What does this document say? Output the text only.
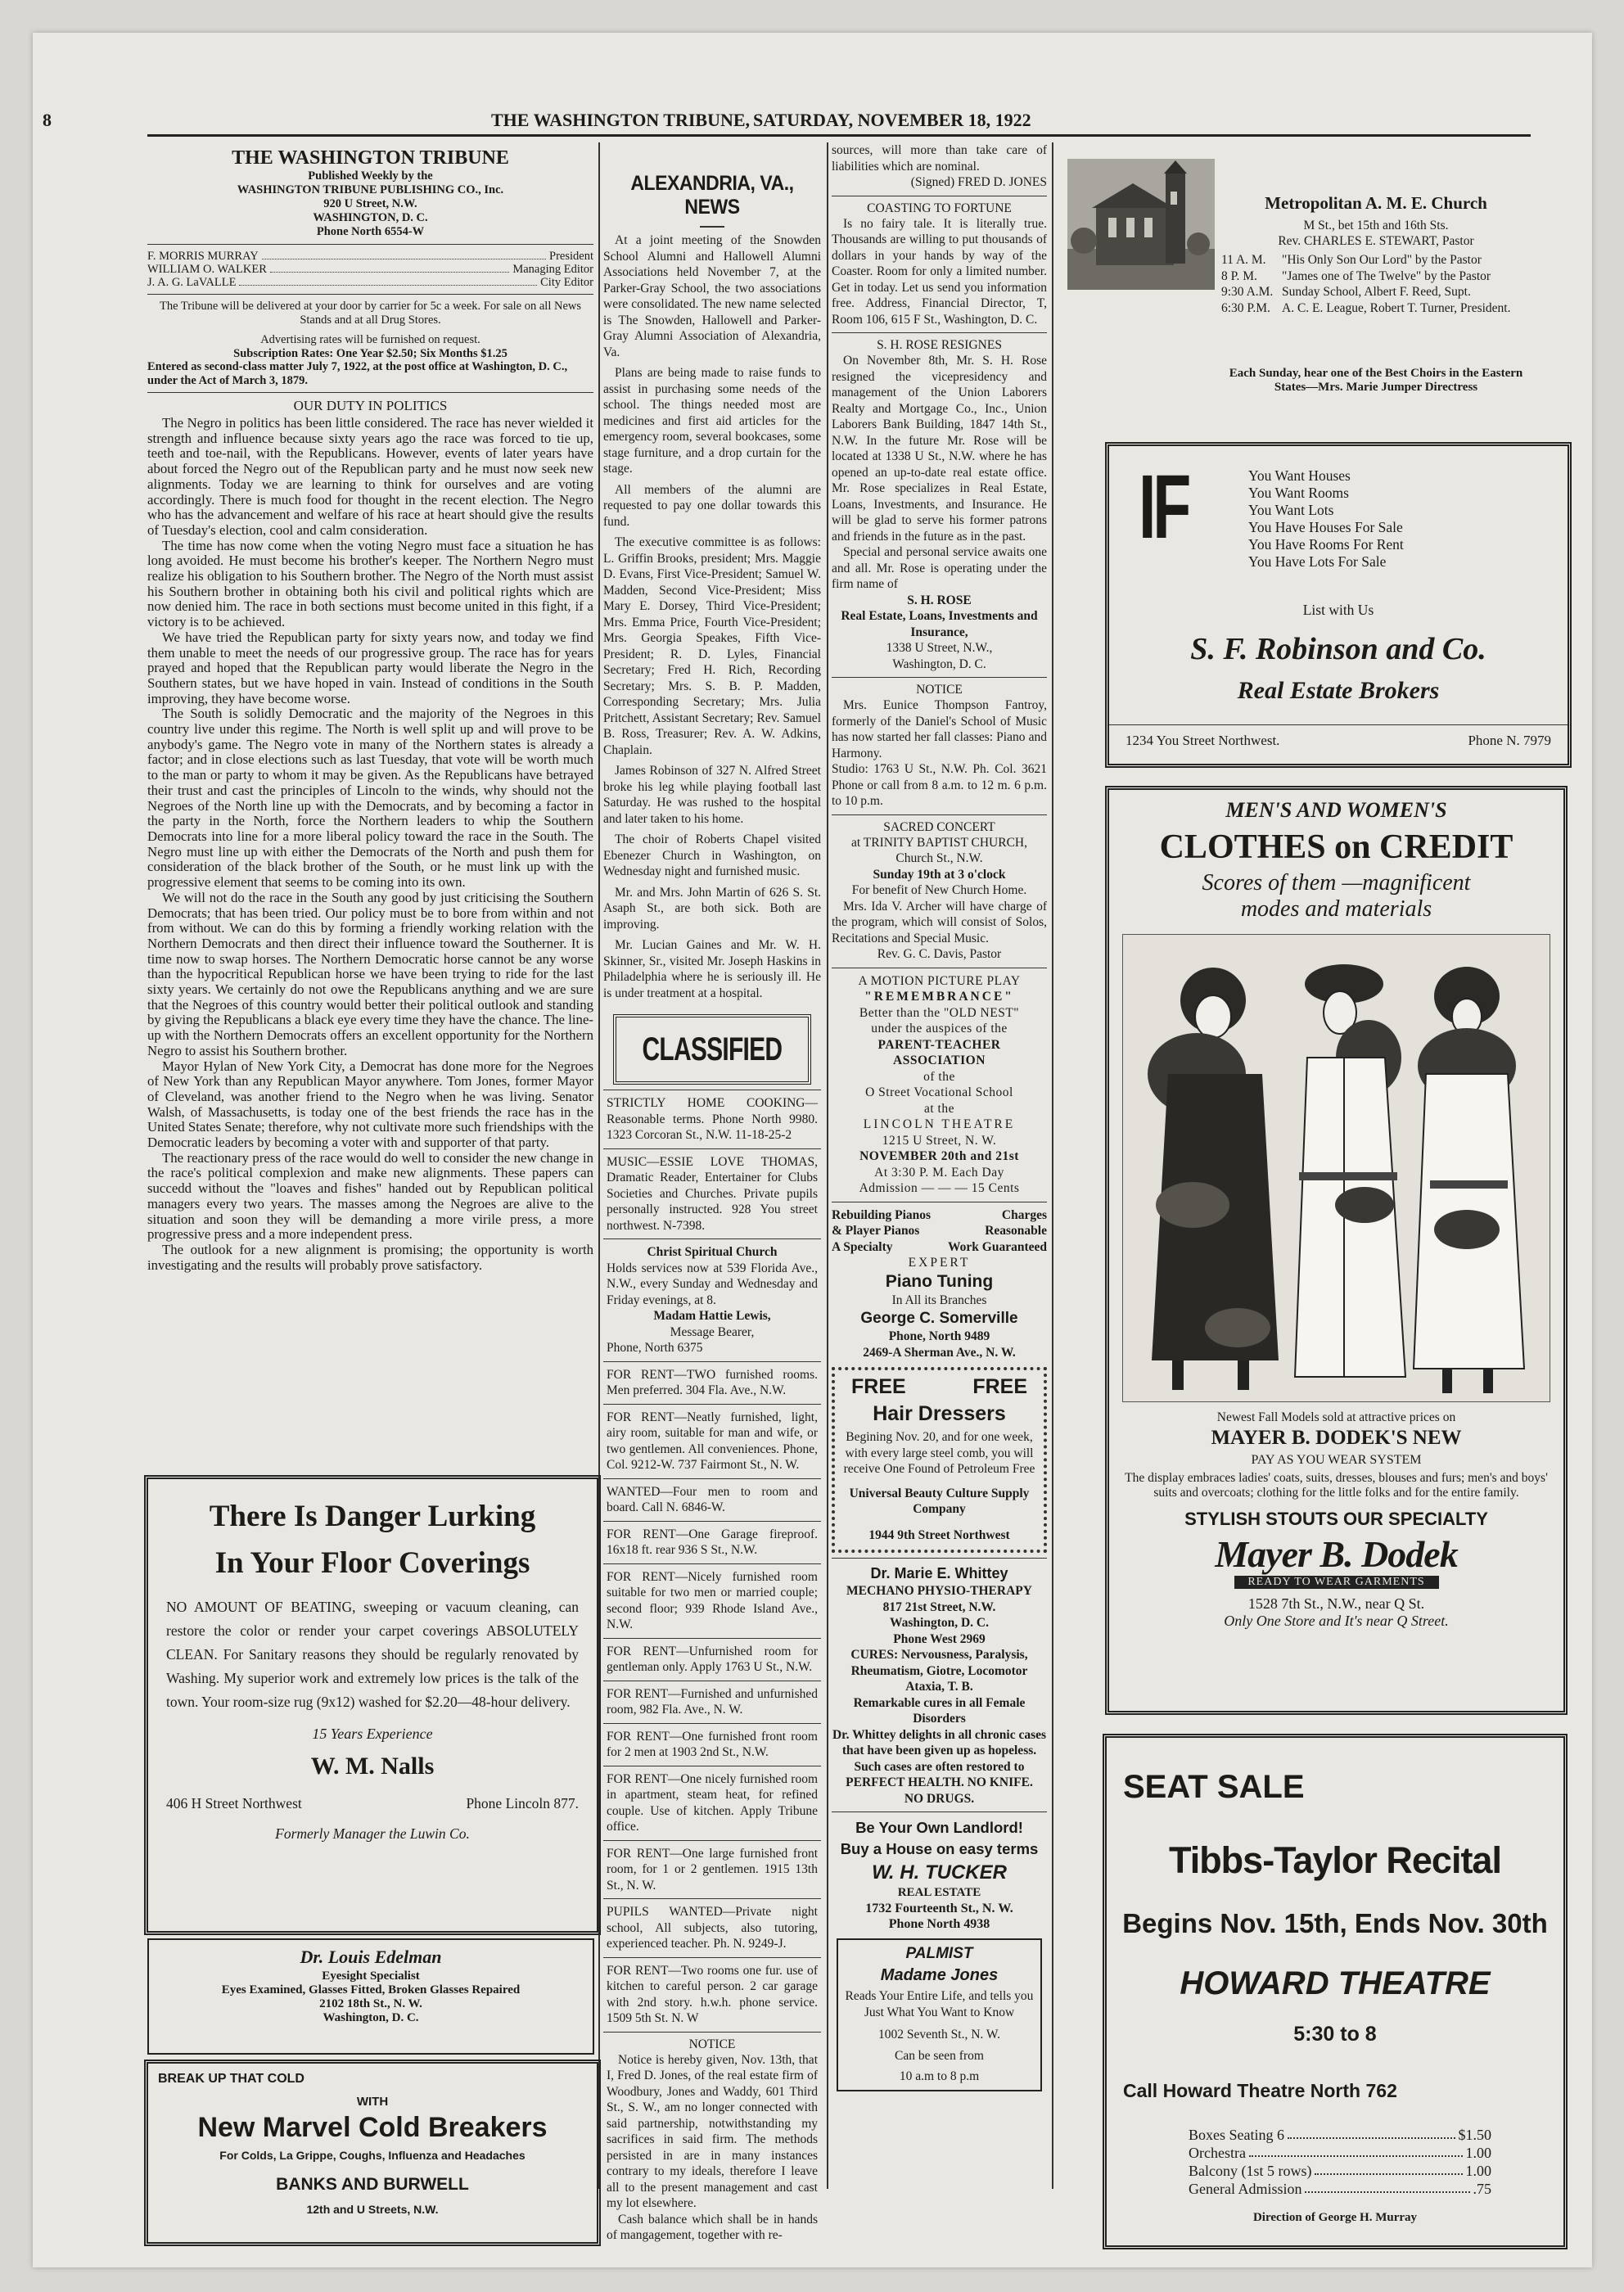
8	THE WASHINGTON TRIBUNE, SATURDAY, NOVEMBER 18, 1922
THE WASHINGTON TRIBUNE
Published Weekly by the
WASHINGTON TRIBUNE PUBLISHING CO., Inc.
920 U Street, N.W.
WASHINGTON, D. C.
Phone North 6554-W
F. MORRIS MURRAY	President
WILLIAM O. WALKER	Managing Editor
J. A. G. LaVALLE	City Editor
The Tribune will be delivered at your door by carrier for 5c a week. For sale on all News Stands and at all Drug Stores.
Advertising rates will be furnished on request.
Subscription Rates: One Year $2.50; Six Months $1.25
Entered as second-class matter July 7, 1922, at the post office at Washington, D. C., under the Act of March 3, 1879.
OUR DUTY IN POLITICS

The Negro in politics has been little considered. The race has never wielded it strength and influence because sixty years ago the race was forced to tie up, teeth and toe-nail, with the Republicans. However, events of later years have about forced the Negro out of the Republican party and he must now seek new alignments. Today we are learning to think for ourselves and are voting accordingly. There is much food for thought in the recent election. The Negro who has the advancement and welfare of his race at heart should give the results of Tuesday's election, cool and calm consideration.

The time has now come when the voting Negro must face a situation he has long avoided. He must become his brother's keeper. The Northern Negro must realize his obligation to his Southern brother. The Negro of the North must assist his Southern brother in obtaining both his civil and political rights which are now denied him. The race in both sections must become united in this fight, if a victory is to be achieved.

We have tried the Republican party for sixty years now, and today we find them unable to meet the needs of our progressive group. The race has for years prayed and hoped that the Republican party would liberate the Negro in the Southern states, but we have hoped in vain. Instead of conditions in the South improving, they have become worse.

The South is solidly Democratic and the majority of the Negroes in this country live under this regime. The North is well split up and will prove to be anybody's game. The Negro vote in many of the Northern states is already a factor; and in close elections such as last Tuesday, that vote will be worth much to the man or party to whom it may be given. As the Republicans have betrayed their trust and cast the principles of Lincoln to the winds, why should not the Negroes of the North line up with the Democrats, and by becoming a factor in the party in the North, force the Northern leaders to whip the Southern Democrats into line for a more liberal policy toward the race in the South. The Negro must line up with either the Democrats of the North and push them for consideration of the black brother of the South, or he must link up with the progressive element that seems to be coming into its own.

We will not do the race in the South any good by just criticising the Southern Democrats; that has been tried. Our policy must be to bore from within and not from without. We can do this by forming a friendly working relation with the Northern Democrats and then direct their influence toward the Southerner. It is time now to swap horses. The Northern Democratic horse cannot be any worse than the hypocritical Republican horse we have been trying to ride for the last sixty years. We certainly do not owe the Republicans anything and we are sure that the Negroes of this country would better their political outlook and standing by giving the Republicans a black eye every time they have the chance. The line-up with the Northern Democrats offers an excellent opportunity for the Northern Negro to assist his Southern brother.

Mayor Hylan of New York City, a Democrat has done more for the Negroes of New York than any Republican Mayor anywhere. Tom Jones, former Mayor of Cleveland, was another friend to the Negro when he was living. Senator Walsh, of Massachusetts, is today one of the best friends the race has in the United States Senate; therefore, why not cultivate more such friendships with the Democratic leaders by becoming a voter with and supporter of that party.

The reactionary press of the race would do well to consider the new change in the race's political complexion and make new alignments. These papers can succedd without the "loaves and fishes" handed out by Republican political managers every two years. The masses among the Negroes are alive to the situation and soon they will be demanding a more virile press, a more progressive press and a more independent press.

The outlook for a new alignment is promising; the opportunity is worth investigating and the results will probably prove satisfactory.

There Is Danger Lurking
In Your Floor Coverings
NO AMOUNT OF BEATING, sweeping or vacuum cleaning, can restore the color or render your carpet coverings ABSOLUTELY CLEAN. For Sanitary reasons they should be regularly renovated by Washing. My superior work and extremely low prices is the talk of the town. Your room-size rug (9x12) washed for $2.20—48-hour delivery.
15 Years Experience
W. M. Nalls
406 H Street Northwest	Phone Lincoln 877.
Formerly Manager the Luwin Co.
Dr. Louis Edelman
Eyesight Specialist
Eyes Examined, Glasses Fitted, Broken Glasses Repaired
2102 18th St., N. W.
Washington, D. C.
BREAK UP THAT COLD
WITH
New Marvel Cold Breakers
For Colds, La Grippe, Coughs, Influenza and Headaches
BANKS AND BURWELL
12th and U Streets, N.W.
ALEXANDRIA, VA., NEWS

At a joint meeting of the Snowden School Alumni and Hallowell Alumni Associations held November 7, at the Parker-Gray School, the two associations were consolidated. The new name selected is The Snowden, Hallowell and Parker-Gray Alumni Association of Alexandria, Va.

Plans are being made to raise funds to assist in purchasing some needs of the school. The things needed most are medicines and first aid articles for the emergency room, several bookcases, some stage furniture, and a drop curtain for the stage.

All members of the alumni are requested to pay one dollar towards this fund.

The executive committee is as follows: L. Griffin Brooks, president; Mrs. Maggie D. Evans, First Vice-President; Samuel W. Madden, Second Vice-President; Miss Mary E. Dorsey, Third Vice-President; Mrs. Emma Price, Fourth Vice-President; Mrs. Georgia Speakes, Fifth Vice-President; R. D. Lyles, Financial Secretary; Fred H. Rich, Recording Secretary; Mrs. S. B. P. Madden, Corresponding Secretary; Mrs. Julia Pritchett, Assistant Secretary; Rev. Samuel B. Ross, Treasurer; Rev. A. W. Adkins, Chaplain.

James Robinson of 327 N. Alfred Street broke his leg while playing football last Saturday. He was rushed to the hospital and later taken to his home.

The choir of Roberts Chapel visited Ebenezer Church in Washington, on Wednesday night and furnished music.

Mr. and Mrs. John Martin of 626 S. St. Asaph St., are both sick. Both are improving.

Mr. Lucian Gaines and Mr. W. H. Skinner, Sr., visited Mr. Joseph Haskins in Philadelphia where he is seriously ill. He is under treatment at a hospital.

CLASSIFIED
STRICTLY HOME COOKING—Reasonable terms. Phone North 9980. 1323 Corcoran St., N.W. 11-18-25-2
MUSIC—ESSIE LOVE THOMAS, Dramatic Reader, Entertainer for Clubs Societies and Churches. Private pupils personally instructed. 928 You street northwest. N-7398.
Christ Spiritual Church
Holds services now at 539 Florida Ave., N.W., every Sunday and Wednesday and Friday evenings, at 8.
Madam Hattie Lewis,
Message Bearer,
Phone, North 6375
FOR RENT—TWO furnished rooms. Men preferred. 304 Fla. Ave., N.W.
FOR RENT—Neatly furnished, light, airy room, suitable for man and wife, or two gentlemen. All conveniences. Phone, Col. 9212-W. 737 Fairmont St., N. W.
WANTED—Four men to room and board. Call N. 6846-W.
FOR RENT—One Garage fireproof. 16x18 ft. rear 936 S St., N.W.
FOR RENT—Nicely furnished room suitable for two men or married couple; second floor; 939 Rhode Island Ave., N.W.
FOR RENT—Unfurnished room for gentleman only. Apply 1763 U St., N.W.
FOR RENT—Furnished and unfurnished room, 982 Fla. Ave., N. W.
FOR RENT—One furnished front room for 2 men at 1903 2nd St., N.W.
FOR RENT—One nicely furnished room in apartment, steam heat, for refined couple. Use of kitchen. Apply Tribune office.
FOR RENT—One large furnished front room, for 1 or 2 gentlemen. 1915 13th St., N. W.
PUPILS WANTED—Private night school, All subjects, also tutoring, experienced teacher. Ph. N. 9249-J.
FOR RENT—Two rooms one fur. use of kitchen to careful person. 2 car garage with 2nd story. h.w.h. phone service. 1509 5th St. N. W
NOTICE
Notice is hereby given, Nov. 13th, that I, Fred D. Jones, of the real estate firm of Woodbury, Jones and Waddy, 601 Third St., S. W., am no longer connected with said partnership, notwithstanding my sacrifices in said firm. The methods persisted in are in many instances contrary to my ideals, therefore I leave all to the present management and cast my lot elsewhere.
Cash balance which shall be in hands of mangagement, together with re-
sources, will more than take care of liabilities which are nominal.
(Signed) FRED D. JONES
COASTING TO FORTUNE
Is no fairy tale. It is literally true. Thousands are willing to put thousands of dollars in your hands by way of the Coaster. Room for only a limited number. Get in today. Let us send you information free. Address, Financial Director, T, Room 106, 615 F St., Washington, D. C.
S. H. ROSE RESIGNES
On November 8th, Mr. S. H. Rose resigned the vicepresidency and management of the Union Laborers Realty and Mortgage Co., Inc., Union Laborers Bank Building, 1847 14th St., N.W. In the future Mr. Rose will be located at 1338 U St., N.W. where he has opened an up-to-date real estate office. Mr. Rose specializes in Real Estate, Loans, Investments, and Insurance. He will be glad to serve his former patrons and friends in the future as in the past.
Special and personal service awaits one and all. Mr. Rose is operating under the firm name of
S. H. ROSE
Real Estate, Loans, Investments and Insurance,
1338 U Street, N.W.,
Washington, D. C.
NOTICE
Mrs. Eunice Thompson Fantroy, formerly of the Daniel's School of Music has now started her fall classes: Piano and Harmony.
Studio: 1763 U St., N.W. Ph. Col. 3621 Phone or call from 8 a.m. to 12 m. 6 p.m. to 10 p.m.
SACRED CONCERT
at TRINITY BAPTIST CHURCH,
Church St., N.W.
Sunday 19th at 3 o'clock
For benefit of New Church Home.
Mrs. Ida V. Archer will have charge of the program, which will consist of Solos, Recitations and Special Music.
Rev. G. C. Davis, Pastor
A MOTION PICTURE PLAY
"REMEMBRANCE"
Better than the "OLD NEST"
under the auspices of the
PARENT-TEACHER ASSOCIATION
of the
O Street Vocational School
at the
LINCOLN THEATRE
1215 U Street, N. W.
NOVEMBER 20th and 21st
At 3:30 P. M. Each Day
Admission — — — 15 Cents
Rebuilding Pianos	Charges
& Player Pianos	Reasonable
A Specialty	Work Guaranteed
EXPERT
Piano Tuning
In All its Branches
George C. Somerville
Phone, North 9489
2469-A Sherman Ave., N. W.
FREE	FREE
Hair Dressers
Begining Nov. 20, and for one week, with every large steel comb, you will receive One Found of Petroleum Free
Universal Beauty Culture Supply Company
1944 9th Street Northwest
Dr. Marie E. Whittey
MECHANO PHYSIO-THERAPY
817 21st Street, N.W.
Washington, D. C.
Phone West 2969
CURES: Nervousness, Paralysis, Rheumatism, Giotre, Locomotor Ataxia, T. B.
Remarkable cures in all Female Disorders
Dr. Whittey delights in all chronic cases that have been given up as hopeless.
Such cases are often restored to
PERFECT HEALTH. NO KNIFE.
NO DRUGS.
Be Your Own Landlord!
Buy a House on easy terms
W. H. TUCKER
REAL ESTATE
1732 Fourteenth St., N. W.
Phone North 4938
PALMIST
Madame Jones
Reads Your Entire Life, and tells you Just What You Want to Know
1002 Seventh St., N. W.
Can be seen from
10 a.m to 8 p.m
Metropolitan A. M. E. Church
M St., bet 15th and 16th Sts.
Rev. CHARLES E. STEWART, Pastor
11 A. M.	"His Only Son Our Lord" by the Pastor
8 P. M.	"James one of The Twelve" by the Pastor
9:30 A.M. Sunday School, Albert F. Reed, Supt.
6:30 P.M. A. C. E. League, Robert T. Turner, President.
Each Sunday, hear one of the Best Choirs in the Eastern States—Mrs. Marie Jumper Directress
IF	You Want Houses
You Want Rooms
You Want Lots
You Have Houses For Sale
You Have Rooms For Rent
You Have Lots For Sale
List with Us
S. F. Robinson and Co.
Real Estate Brokers
1234 You Street Northwest.	Phone N. 7979
MEN'S AND WOMEN'S
CLOTHES on CREDIT
Scores of them —magnificent
modes and materials
Newest Fall Models sold at attractive prices on
MAYER B. DODEK'S NEW
PAY AS YOU WEAR SYSTEM
The display embraces ladies' coats, suits, dresses, blouses and furs; men's and boys' suits and overcoats; clothing for the little folks and for the entire family.
STYLISH STOUTS OUR SPECIALTY
Mayer B. Dodek
READY TO WEAR GARMENTS
1528 7th St., N.W., near Q St.
Only One Store and It's near Q Street.
SEAT SALE
Tibbs-Taylor Recital
Begins Nov. 15th, Ends Nov. 30th
HOWARD THEATRE
5:30 to 8
Call Howard Theatre North 762
Boxes Seating 6	$1.50
Orchestra	1.00
Balcony (1st 5 rows)	1.00
General Admission	.75
Direction of George H. Murray
